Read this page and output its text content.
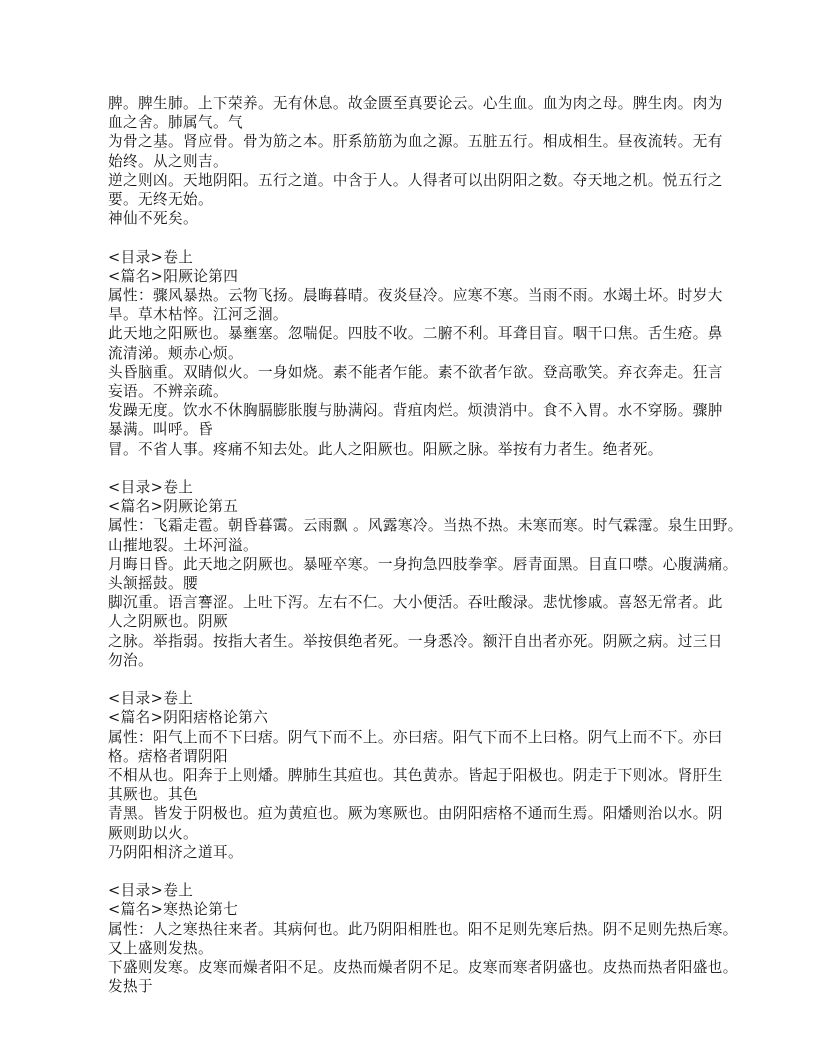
脾。脾生肺。上下荣养。无有休息。故金匮至真要论云。心生血。血为肉之母。脾生肉。肉为
血之舍。肺属气。气
为骨之基。肾应骨。骨为筋之本。肝系筋筋为血之源。五脏五行。相成相生。昼夜流转。无有
始终。从之则吉。
逆之则凶。天地阴阳。五行之道。中含于人。人得者可以出阴阳之数。夺天地之机。悦五行之
要。无终无始。
神仙不死矣。
<目录>卷上
<篇名>阳厥论第四
属性：骤风暴热。云物飞扬。晨晦暮晴。夜炎昼冷。应寒不寒。当雨不雨。水竭土坏。时岁大
旱。草木枯悴。江河乏涸。
此天地之阳厥也。暴壅塞。忽喘促。四肢不收。二腑不利。耳聋目盲。咽干口焦。舌生疮。鼻
流清涕。颊赤心烦。
头昏脑重。双睛似火。一身如烧。素不能者乍能。素不欲者乍欲。登高歌笑。弃衣奔走。狂言
妄语。不辨亲疏。
发躁无度。饮水不休胸膈膨胀腹与胁满闷。背疽肉烂。烦溃消中。食不入胃。水不穿肠。骤肿
暴满。叫呼。昏
冒。不省人事。疼痛不知去处。此人之阳厥也。阳厥之脉。举按有力者生。绝者死。
<目录>卷上
<篇名>阴厥论第五
属性：飞霜走雹。朝昏暮霭。云雨飘 。风露寒冷。当热不热。未寒而寒。时气霖霪。泉生田野。
山摧地裂。土坏河溢。
月晦日昏。此天地之阴厥也。暴哑卒寒。一身拘急四肢拳挛。唇青面黑。目直口噤。心腹满痛。
头颔摇鼓。腰
脚沉重。语言謇涩。上吐下泻。左右不仁。大小便活。吞吐酸渌。悲忧惨戚。喜怒无常者。此
人之阴厥也。阴厥
之脉。举指弱。按指大者生。举按俱绝者死。一身悉冷。额汗自出者亦死。阴厥之病。过三日
勿治。
<目录>卷上
<篇名>阴阳痞格论第六
属性：阳气上而不下曰痞。阴气下而不上。亦曰痞。阳气下而不上曰格。阴气上而不下。亦曰
格。痞格者谓阴阳
不相从也。阳奔于上则燔。脾肺生其疸也。其色黄赤。皆起于阳极也。阴走于下则冰。肾肝生
其厥也。其色
青黑。皆发于阴极也。疸为黄疸也。厥为寒厥也。由阴阳痞格不通而生焉。阳燔则治以水。阴
厥则助以火。
乃阴阳相济之道耳。
<目录>卷上
<篇名>寒热论第七
属性：人之寒热往来者。其病何也。此乃阴阳相胜也。阳不足则先寒后热。阴不足则先热后寒。
又上盛则发热。
下盛则发寒。皮寒而燥者阳不足。皮热而燥者阴不足。皮寒而寒者阴盛也。皮热而热者阳盛也。
发热于
